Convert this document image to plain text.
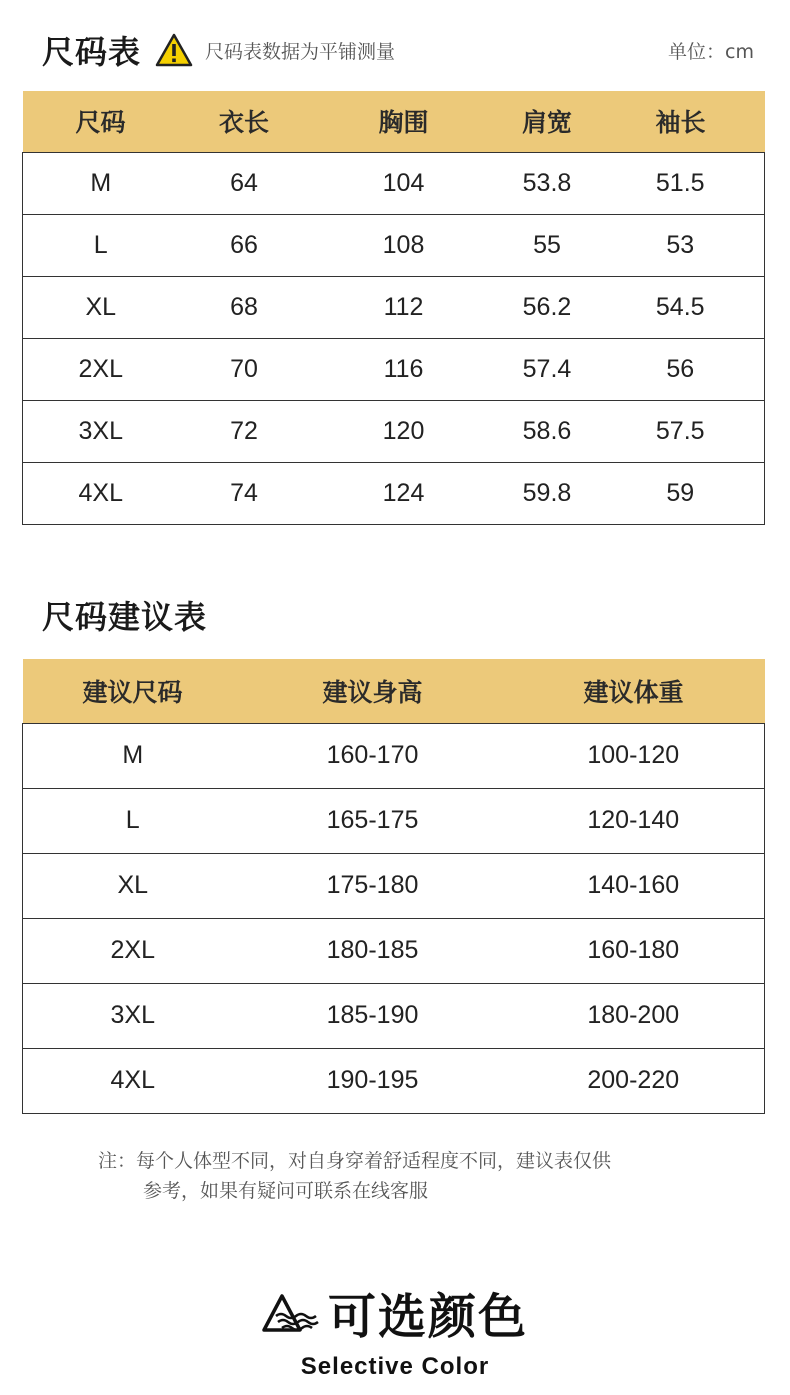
尺码表	尺码表数据为平铺测量	单位：cm
尺码	衣长	胸围	肩宽	袖长
M	64	104	53.8	51.5
L	66	108	55	53
XL	68	112	56.2	54.5
2XL	70	116	57.4	56
3XL	72	120	58.6	57.5
4XL	74	124	59.8	59
尺码建议表
建议尺码	建议身高	建议体重
M	160-170	100-120
L	165-175	120-140
XL	175-180	140-160
2XL	180-185	160-180
3XL	185-190	180-200
4XL	190-195	200-220
注：每个人体型不同，对自身穿着舒适程度不同，建议表仅供
参考，如果有疑问可联系在线客服
可选颜色
Selective Color
